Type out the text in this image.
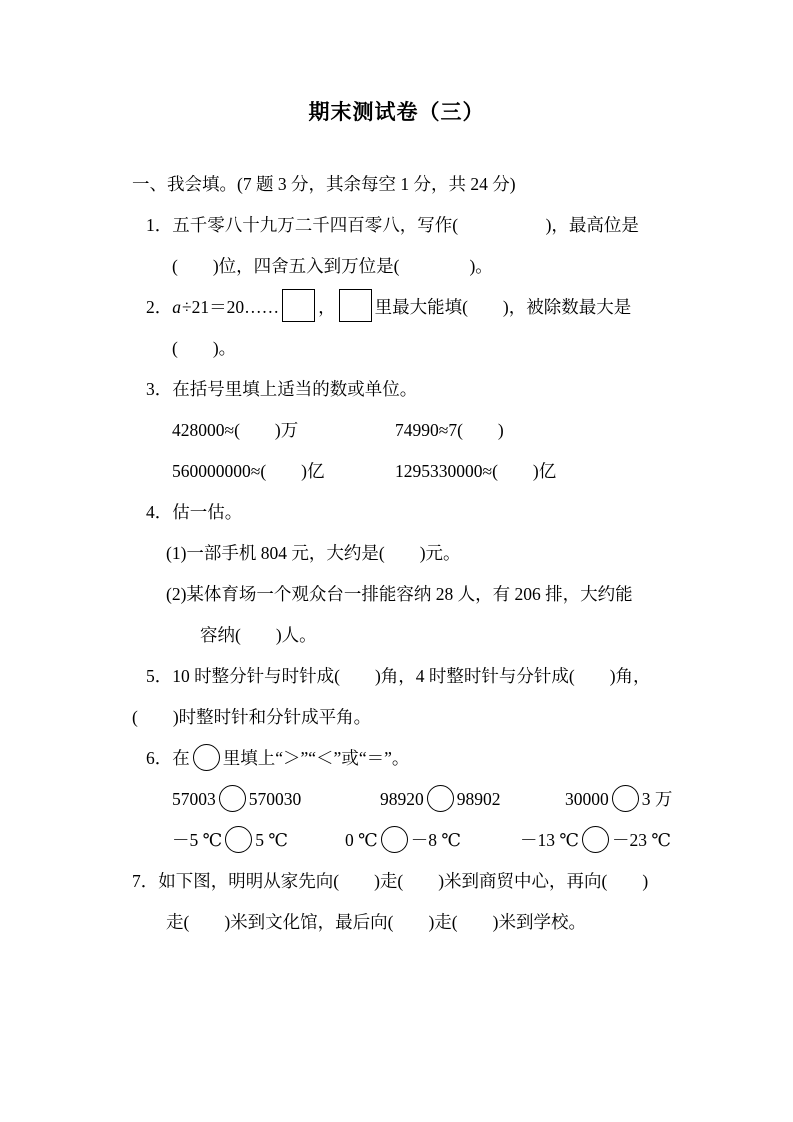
期末测试卷（三）
一、我会填。(7 题 3 分，其余每空 1 分，共 24 分)
1．五千零八十九万二千四百零八，写作(　　　　　)，最高位是
(　　)位，四舍五入到万位是(　　　　)。
2．a÷21＝20…… ， 里最大能填(　　)，被除数最大是
(　　)。
3．在括号里填上适当的数或单位。
428000≈(　　)万	74990≈7(　　)
560000000≈(　　)亿	1295330000≈(　　)亿
4．估一估。
(1)一部手机 804 元，大约是(　　)元。
(2)某体育场一个观众台一排能容纳 28 人，有 206 排，大约能
容纳(　　)人。
5．10 时整分针与时针成(　　)角，4 时整时针与分针成(　　)角，
(　　)时整时针和分针成平角。
6．在 里填上“＞”“＜”或“＝”。
57003 570030	98920 98902	30000 3 万
－5 ℃ 5 ℃	0 ℃ －8 ℃	－13 ℃ －23 ℃
7．如下图，明明从家先向(　　)走(　　)米到商贸中心，再向(　　)
走(　　)米到文化馆，最后向(　　)走(　　)米到学校。
